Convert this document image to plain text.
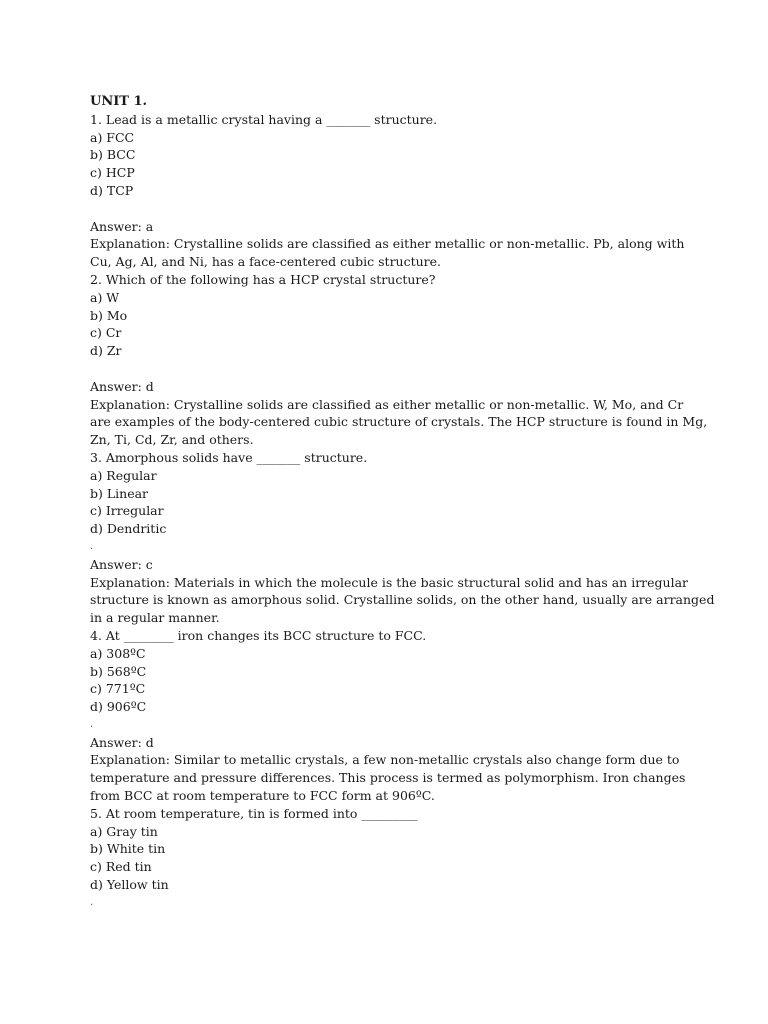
UNIT 1.
1. Lead is a metallic crystal having a _______ structure.
a) FCC
b) BCC
c) HCP
d) TCP
Answer: a
Explanation: Crystalline solids are classified as either metallic or non-metallic. Pb, along with
Cu, Ag, Al, and Ni, has a face-centered cubic structure.
2. Which of the following has a HCP crystal structure?
a) W
b) Mo
c) Cr
d) Zr
Answer: d
Explanation: Crystalline solids are classified as either metallic or non-metallic. W, Mo, and Cr
are examples of the body-centered cubic structure of crystals. The HCP structure is found in Mg,
Zn, Ti, Cd, Zr, and others.
3. Amorphous solids have _______ structure.
a) Regular
b) Linear
c) Irregular
d) Dendritic
.
Answer: c
Explanation: Materials in which the molecule is the basic structural solid and has an irregular
structure is known as amorphous solid. Crystalline solids, on the other hand, usually are arranged
in a regular manner.
4. At ________ iron changes its BCC structure to FCC.
a) 308ºC
b) 568ºC
c) 771ºC
d) 906ºC
.
Answer: d
Explanation: Similar to metallic crystals, a few non-metallic crystals also change form due to
temperature and pressure differences. This process is termed as polymorphism. Iron changes
from BCC at room temperature to FCC form at 906ºC.
5. At room temperature, tin is formed into _________
a) Gray tin
b) White tin
c) Red tin
d) Yellow tin
.
